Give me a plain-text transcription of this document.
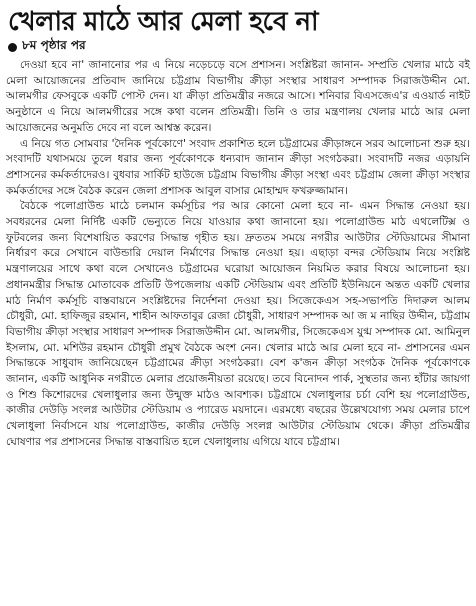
খেলার মাঠে আর মেলা হবে না
৮ম পৃষ্ঠার পর

দেওয়া হবে না' জানানোর পর এ নিয়ে নড়েচড়ে বসে প্রশাসন। সংশ্লিষ্টরা জানান- সম্প্রতি খেলার মাঠে বই মেলা আয়োজনের প্রতিবাদ জানিয়ে চট্টগ্রাম বিভাগীয় ক্রীড়া সংস্থার সাধারণ সম্পাদক সিরাজউদ্দীন মো. আলমগীর ফেসবুকে একটি পোস্ট দেন। যা ক্রীড়া প্রতিমন্ত্রীর নজরে আসে। শনিবার বিএসজেএ'র এওয়ার্ড নাইট অনুষ্ঠানে এ নিয়ে আলমগীরের সঙ্গে কথা বলেন প্রতিমন্ত্রী। তিনি ও তার মন্ত্রণালয় খেলার মাঠে আর মেলা আয়োজনের অনুমতি দেবে না বলে আশ্বস্ত করেন।

এ নিয়ে গত সোমবার 'দৈনিক পূর্বকোণে' সংবাদ প্রকাশিত হলে চট্টগ্রামের ক্রীড়াঙ্গনে সরব আলোচনা শুরু হয়। সংবাদটি যথাসময়ে তুলে ধরার জন্য পূর্বকোণকে ধন্যবাদ জানান ক্রীড়া সংগঠকরা। সংবাদটি নজর এড়ায়নি প্রশাসনের কর্মকর্তাদেরও। বুধবার সার্কিট হাউজে চট্টগ্রাম বিভাগীয় ক্রীড়া সংস্থা এবং চট্টগ্রাম জেলা ক্রীড়া সংস্থার কর্মকর্তাদের সঙ্গে বৈঠক করেন জেলা প্রশাসক আবুল বাসার মোহাম্মদ ফখরুজ্জামান।

বৈঠকে পলোগ্রাউন্ড মাঠে চলমান কর্মসূচির পর আর কোনো মেলা হবে না- এমন সিদ্ধান্ত নেওয়া হয়। সবধরনের মেলা নির্দিষ্ট একটি ভেন্যুতে নিয়ে যাওয়ার কথা জানানো হয়। পলোগ্রাউন্ড মাঠ এথলেটিক্স ও ফুটবলের জন্য বিশেষায়িত করণের সিদ্ধান্ত গৃহীত হয়। দ্রুততম সময়ে নগরীর আউটার স্টেডিয়ামের সীমানা নির্ধারণ করে সেখানে বাউন্ডারি দেয়াল নির্মাণের সিদ্ধান্ত নেওয়া হয়। এছাড়া বন্দর স্টেডিয়াম নিয়ে সংশ্লিষ্ট মন্ত্রণালয়ের সাথে কথা বলে সেখানেও চট্টগ্রামের ঘরোয়া আয়োজন নিয়মিত করার বিষয়ে আলোচনা হয়। প্রধানমন্ত্রীর সিদ্ধান্ত মোতাবেক প্রতিটি উপজেলায় একটি স্টেডিয়াম এবং প্রতিটি ইউনিয়নে অন্তত একটি খেলার মাঠ নির্মাণ কর্মসূচি বাস্তবায়নে সংশ্লিষ্টদের নির্দেশনা দেওয়া হয়। সিজেকেএস সহ-সভাপতি দিদারুল আলম চৌধুরী, মো. হাফিজুর রহমান, শাহীন আফতাবুর রেজা চৌধুরী, সাধারণ সম্পাদক আ জ ম নাছির উদ্দীন, চট্টগ্রাম বিভাগীয় ক্রীড়া সংস্থার সাধারণ সম্পাদক সিরাজউদ্দীন মো. আলমগীর, সিজেকেএস যুগ্ম সম্পাদক মো. আমিনুল ইসলাম, মো. মশিউর রহমান চৌধুরী প্রমুখ বৈঠকে অংশ নেন। খেলার মাঠে আর মেলা হবে না- প্রশাসনের এমন সিদ্ধান্তকে সাধুবাদ জানিয়েছেন চট্টগ্রামের ক্রীড়া সংগঠকরা। বেশ ক'জন ক্রীড়া সংগঠক দৈনিক পূর্বকোণকে জানান, একটি আধুনিক নগরীতে মেলার প্রয়োজনীয়তা রয়েছে। তবে বিনোদন পার্ক, সুস্থতার জন্য হাঁটার জায়গা ও শিশু কিশোরদের খেলাধুলার জন্য উন্মুক্ত মাঠও আবশ্যক। চট্টগ্রামে খেলাধুলার চর্চা বেশি হয় পলোগ্রাউন্ড, কাজীর দেউড়ি সংলগ্ন আউটার স্টেডিয়াম ও প্যারেড ময়দানে। এরমধ্যে বছরের উল্লেখযোগ্য সময় মেলার চাপে খেলাধুলা নির্বাসনে যায় পলোগ্রাউন্ড, কাজীর দেউড়ি সংলগ্ন আউটার স্টেডিয়াম থেকে। ক্রীড়া প্রতিমন্ত্রীর ঘোষণার পর প্রশাসনের সিদ্ধান্ত বাস্তবায়িত হলে খেলাধুলায় এগিয়ে যাবে চট্টগ্রাম।
